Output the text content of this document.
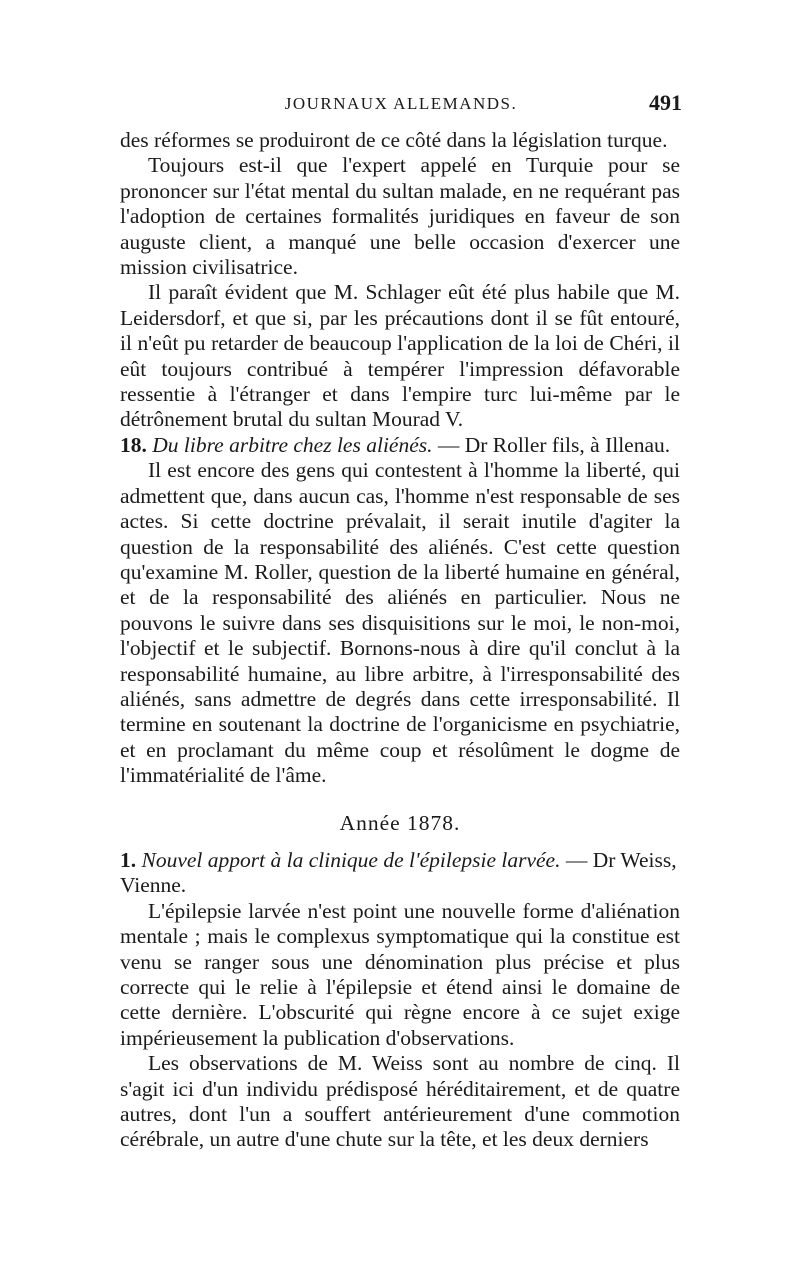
JOURNAUX ALLEMANDS.	491

des réformes se produiront de ce côté dans la législation turque.

Toujours est-il que l'expert appelé en Turquie pour se prononcer sur l'état mental du sultan malade, en ne requérant pas l'adoption de certaines formalités juridiques en faveur de son auguste client, a manqué une belle occasion d'exercer une mission civilisatrice.

Il paraît évident que M. Schlager eût été plus habile que M. Leidersdorf, et que si, par les précautions dont il se fût entouré, il n'eût pu retarder de beaucoup l'application de la loi de Chéri, il eût toujours contribué à tempérer l'impression défavorable ressentie à l'étranger et dans l'empire turc lui-même par le détrônement brutal du sultan Mourad V.

18. Du libre arbitre chez les aliénés. — Dr Roller fils, à Illenau.

Il est encore des gens qui contestent à l'homme la liberté, qui admettent que, dans aucun cas, l'homme n'est responsable de ses actes. Si cette doctrine prévalait, il serait inutile d'agiter la question de la responsabilité des aliénés. C'est cette question qu'examine M. Roller, question de la liberté humaine en général, et de la responsabilité des aliénés en particulier. Nous ne pouvons le suivre dans ses disquisitions sur le moi, le non-moi, l'objectif et le subjectif. Bornons-nous à dire qu'il conclut à la responsabilité humaine, au libre arbitre, à l'irresponsabilité des aliénés, sans admettre de degrés dans cette irresponsabilité. Il termine en soutenant la doctrine de l'organicisme en psychiatrie, et en proclamant du même coup et résolûment le dogme de l'immatérialité de l'âme.

Année 1878.

1. Nouvel apport à la clinique de l'épilepsie larvée. — Dr Weiss,
Vienne.

L'épilepsie larvée n'est point une nouvelle forme d'aliénation mentale ; mais le complexus symptomatique qui la constitue est venu se ranger sous une dénomination plus précise et plus correcte qui le relie à l'épilepsie et étend ainsi le domaine de cette dernière. L'obscurité qui règne encore à ce sujet exige impérieusement la publication d'observations.

Les observations de M. Weiss sont au nombre de cinq. Il s'agit ici d'un individu prédisposé héréditairement, et de quatre autres, dont l'un a souffert antérieurement d'une commotion cérébrale, un autre d'une chute sur la tête, et les deux derniers
